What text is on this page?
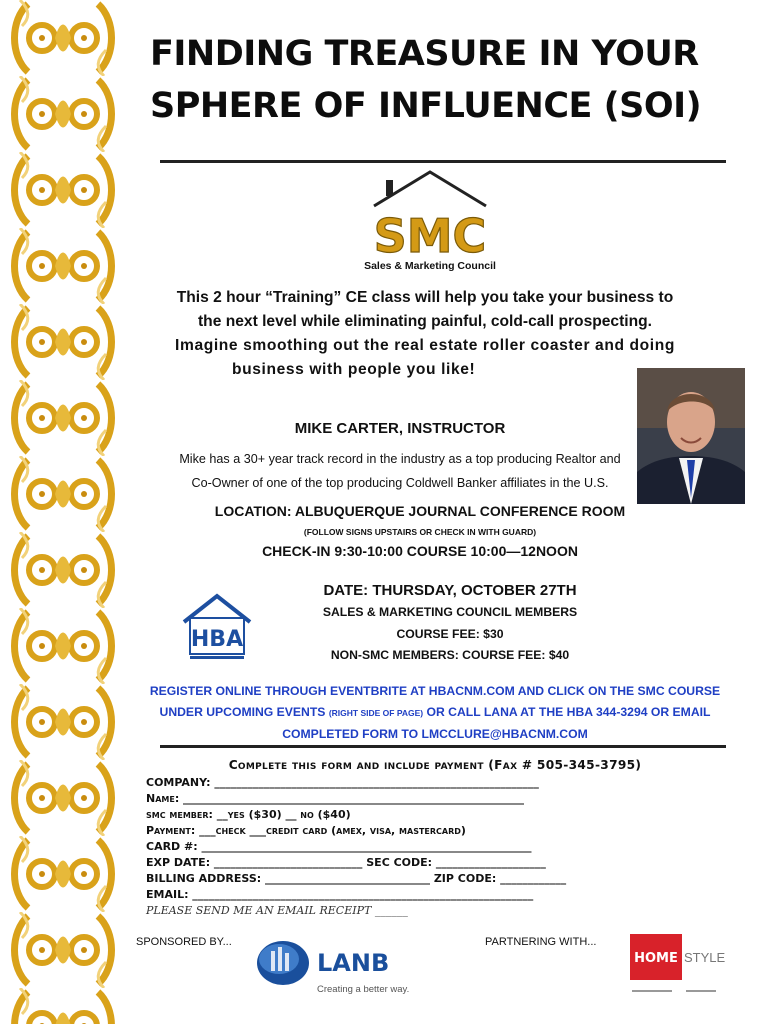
FINDING TREASURE IN YOUR
SPHERE OF INFLUENCE (SOI)
SMC
Sales & Marketing Council
This 2 hour “Training” CE class will help you take your business to
the next level while eliminating painful, cold-call prospecting.
Imagine smoothing out the real estate roller coaster and doing
business with people you like!
MIKE CARTER, INSTRUCTOR
Mike has a 30+ year track record in the industry as a top producing Realtor and
Co-Owner of one of the top producing Coldwell Banker affiliates in the U.S.
LOCATION: ALBUQUERQUE JOURNAL CONFERENCE ROOM
(FOLLOW SIGNS UPSTAIRS OR CHECK IN WITH GUARD)
CHECK-IN 9:30-10:00 COURSE 10:00—12NOON
HBA
DATE: THURSDAY, OCTOBER 27TH
SALES & MARKETING COUNCIL MEMBERS
COURSE FEE: $30
NON-SMC MEMBERS: COURSE FEE: $40
REGISTER ONLINE THROUGH EVENTBRITE AT HBACNM.COM AND CLICK ON THE SMC COURSE
UNDER UPCOMING EVENTS (RIGHT SIDE OF PAGE) OR CALL LANA AT THE HBA 344-3294 OR EMAIL
COMPLETED FORM TO LMCCLURE@HBACNM.COM
Complete this form and include payment (Fax # 505-345-3795)
COMPANY: ___________________________________________________________
Name: ______________________________________________________________
smc member: __yes ($30) __ no ($40)
Payment: ___check ___credit card (amex, visa, mastercard)
CARD #: ____________________________________________________________
EXP DATE: ___________________________ SEC CODE: ____________________
BILLING ADDRESS: ______________________________ ZIP CODE: ____________
EMAIL: ______________________________________________________________
PLEASE SEND ME AN EMAIL RECEIPT ______
SPONSORED BY...	PARTNERING WITH...
LANB
Creating a better way.
HOME STYLE
